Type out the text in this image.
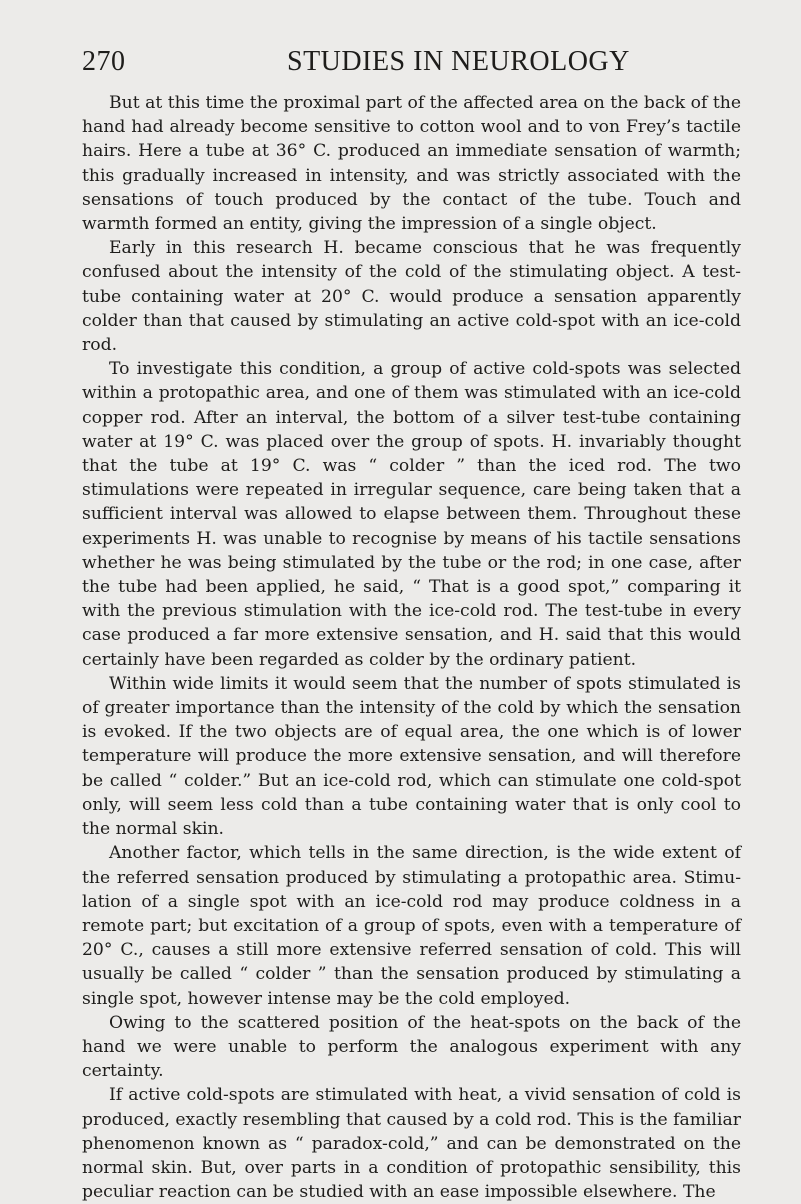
270	STUDIES IN NEUROLOGY

But at this time the proximal part of the affected area on the back of the hand had already become sensitive to cotton wool and to von Frey’s tactile hairs. Here a tube at 36° C. produced an immediate sensation of warmth; this gradually increased in intensity, and was strictly associated with the sensations of touch produced by the contact of the tube. Touch and warmth formed an entity, giving the impression of a single object.

Early in this research H. became conscious that he was frequently confused about the intensity of the cold of the stimulating object. A test-tube containing water at 20° C. would produce a sensation apparently colder than that caused by stimulating an active cold-spot with an ice-cold rod.

To investigate this condition, a group of active cold-spots was selected within a protopathic area, and one of them was stimulated with an ice-cold copper rod. After an interval, the bottom of a silver test-tube containing water at 19° C. was placed over the group of spots. H. invariably thought that the tube at 19° C. was “ colder ” than the iced rod. The two stimulations were repeated in irregular sequence, care being taken that a sufficient interval was allowed to elapse between them. Throughout these experiments H. was unable to recognise by means of his tactile sensations whether he was being stimulated by the tube or the rod; in one case, after the tube had been applied, he said, “ That is a good spot,” comparing it with the previous stimulation with the ice-cold rod. The test-tube in every case produced a far more extensive sensation, and H. said that this would certainly have been regarded as colder by the ordinary patient.

Within wide limits it would seem that the number of spots stimulated is of greater importance than the intensity of the cold by which the sensation is evoked. If the two objects are of equal area, the one which is of lower temperature will produce the more extensive sensation, and will therefore be called “ colder.” But an ice-cold rod, which can stimulate one cold-spot only, will seem less cold than a tube containing water that is only cool to the normal skin.

Another factor, which tells in the same direction, is the wide extent of the referred sensation produced by stimulating a protopathic area. Stimulation of a single spot with an ice-cold rod may produce coldness in a remote part; but excitation of a group of spots, even with a temperature of 20° C., causes a still more extensive referred sensation of cold. This will usually be called “ colder ” than the sensation produced by stimulating a single spot, however intense may be the cold employed.

Owing to the scattered position of the heat-spots on the back of the hand we were unable to perform the analogous experiment with any certainty.

If active cold-spots are stimulated with heat, a vivid sensation of cold is produced, exactly resembling that caused by a cold rod. This is the familiar phenomenon known as “ paradox-cold,” and can be demonstrated on the normal skin. But, over parts in a condition of protopathic sensibility, this peculiar reaction can be studied with an ease impossible elsewhere. The
